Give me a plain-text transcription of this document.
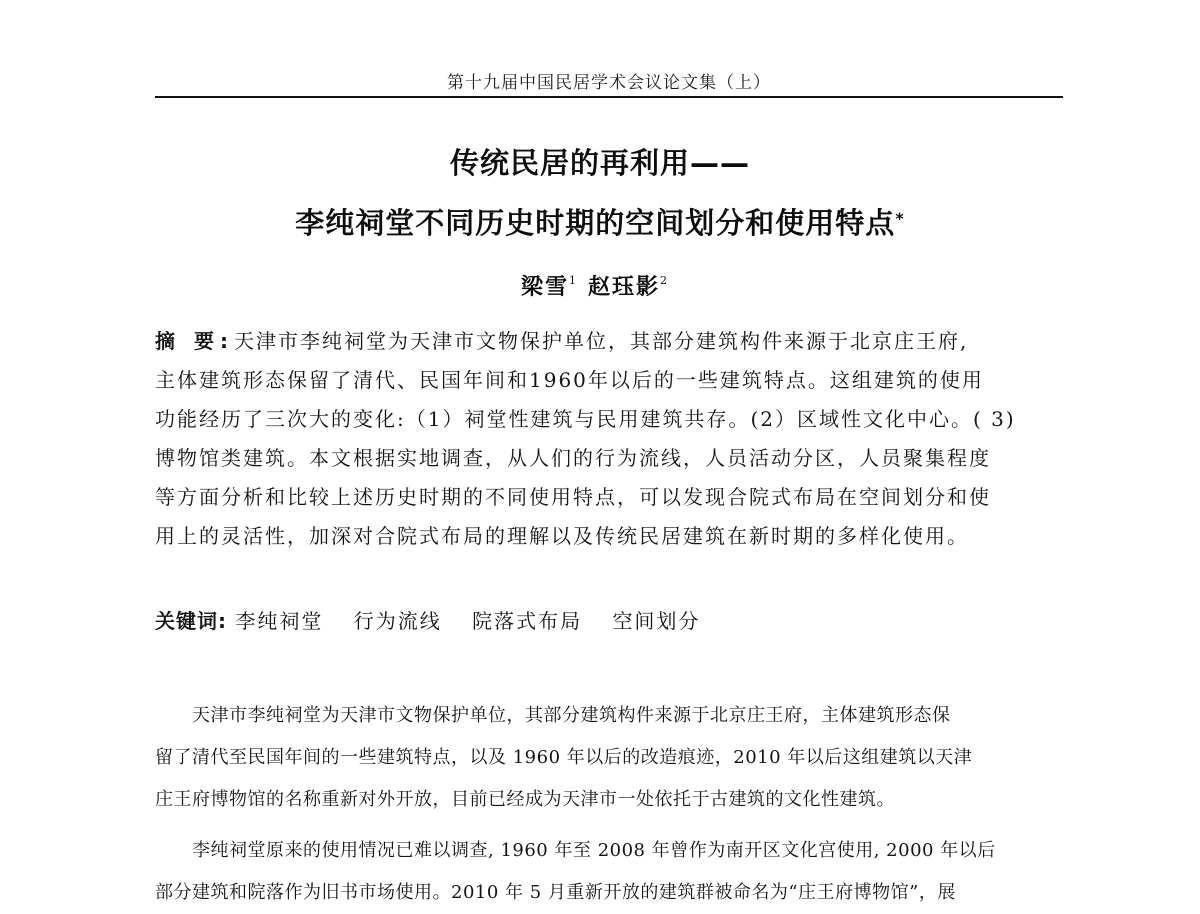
第十九届中国民居学术会议论文集（上）
传统民居的再利用——
李纯祠堂不同历史时期的空间划分和使用特点*
梁雪$^1$ 赵珏影$^2$
摘 要:天津市李纯祠堂为天津市文物保护单位，其部分建筑构件来源于北京庄王府,
主体建筑形态保留了清代、民国年间和1960年以后的一些建筑特点。这组建筑的使用
功能经历了三次大的变化:（1）祠堂性建筑与民用建筑共存。(2）区域性文化中心。( 3)
博物馆类建筑。本文根据实地调查，从人们的行为流线，人员活动分区，人员聚集程度
等方面分析和比较上述历史时期的不同使用特点，可以发现合院式布局在空间划分和使
用上的灵活性，加深对合院式布局的理解以及传统民居建筑在新时期的多样化使用。
关键词: 李纯祠堂 行为流线 院落式布局 空间划分
　　天津市李纯祠堂为天津市文物保护单位，其部分建筑构件来源于北京庄王府，主体建筑形态保
留了清代至民国年间的一些建筑特点，以及 1960 年以后的改造痕迹，2010 年以后这组建筑以天津
庄王府博物馆的名称重新对外开放，目前已经成为天津市一处依托于古建筑的文化性建筑。
　　李纯祠堂原来的使用情况已难以调查, 1960 年至 2008 年曾作为南开区文化宫使用, 2000 年以后
部分建筑和院落作为旧书市场使用。2010 年 5 月重新开放的建筑群被命名为“庄王府博物馆”，展
